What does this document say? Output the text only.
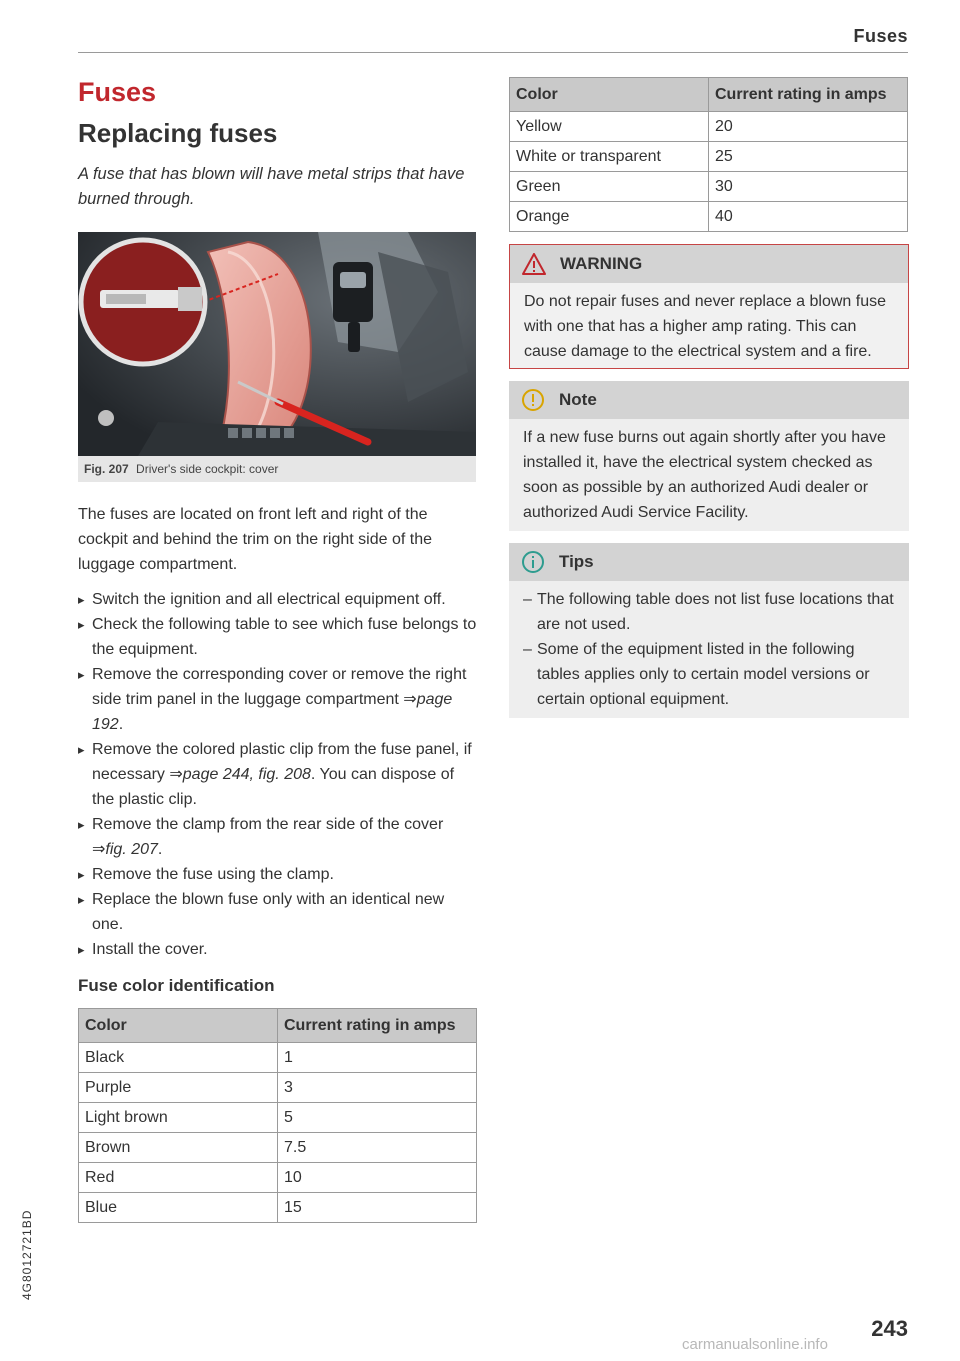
Fuses
Fuses
Replacing fuses

A fuse that has blown will have metal strips that have burned through.

Fig. 207 Driver's side cockpit: cover

The fuses are located on front left and right of the cockpit and behind the trim on the right side of the luggage compartment.

▸ Switch the ignition and all electrical equipment off.
▸ Check the following table to see which fuse belongs to the equipment.
▸ Remove the corresponding cover or remove the right side trim panel in the luggage compartment ⇒page 192.
▸ Remove the colored plastic clip from the fuse panel, if necessary ⇒page 244, fig. 208. You can dispose of the plastic clip.
▸ Remove the clamp from the rear side of the cover ⇒fig. 207.
▸ Remove the fuse using the clamp.
▸ Replace the blown fuse only with an identical new one.
▸ Install the cover.
Fuse color identification
Color	Current rating in amps
Black	1
Purple	3
Light brown	5
Brown	7.5
Red	10
Blue	15
Color	Current rating in amps
Yellow	20
White or transparent	25
Green	30
Orange	40
WARNING
Do not repair fuses and never replace a blown fuse with one that has a higher amp rating. This can cause damage to the electrical system and a fire.
Note
If a new fuse burns out again shortly after you have installed it, have the electrical system checked as soon as possible by an authorized Audi dealer or authorized Audi Service Facility.
Tips
– The following table does not list fuse locations that are not used.
– Some of the equipment listed in the following tables applies only to certain model versions or certain optional equipment.
4G8012721BD
243
carmanualsonline.info
